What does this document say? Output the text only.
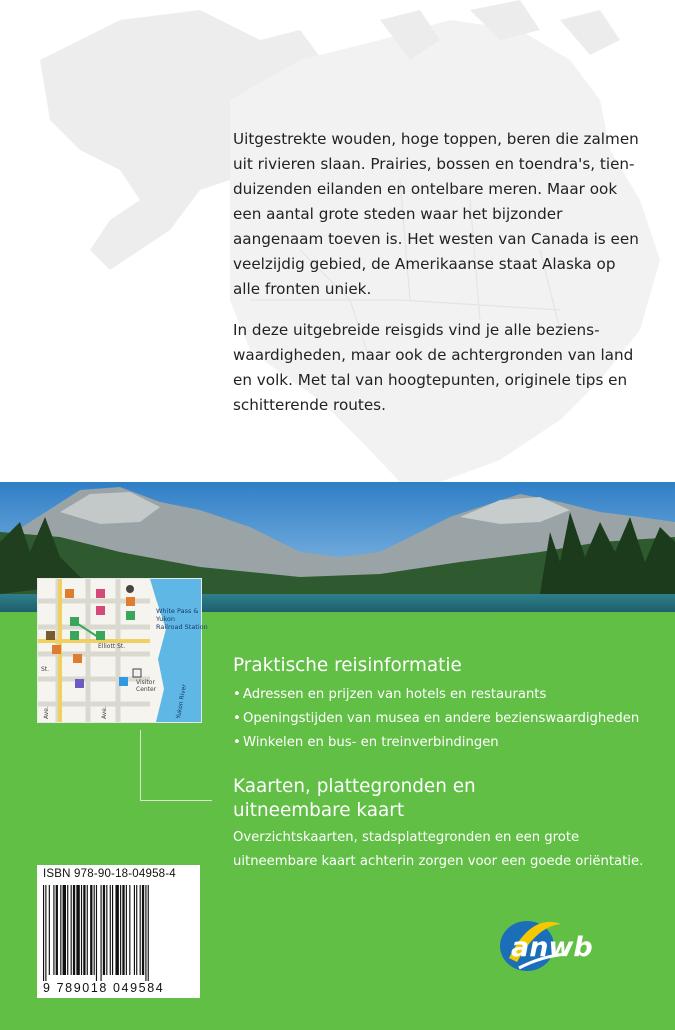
Uitgestrekte wouden, hoge toppen, beren die zalmen uit rivieren slaan. Prairies, bossen en toendra's, tien-duizenden eilanden en ontelbare meren. Maar ook een aantal grote steden waar het bijzonder aangenaam toeven is. Het westen van Canada is een veelzijdig gebied, de Amerikaanse staat Alaska op alle fronten uniek.

In deze uitgebreide reisgids vind je alle beziens-waardigheden, maar ook de achtergronden van land en volk. Met tal van hoogtepunten, originele tips en schitterende routes.

White Pass &
Yukon
Railroad Station
Elliott St.
St.
Visitor
Center
Ave.	Ave.	Yukon River
Praktische reisinformatie
• Adressen en prijzen van hotels en restaurants
• Openingstijden van musea en andere bezienswaardigheden
• Winkelen en bus- en treinverbindingen
Kaarten, plattegronden en uitneembare kaart

Overzichtskaarten, stadsplattegronden en een grote uitneembare kaart achterin zorgen voor een goede oriëntatie.

ISBN 978-90-18-04958-4
9 789018 049584
anwb
